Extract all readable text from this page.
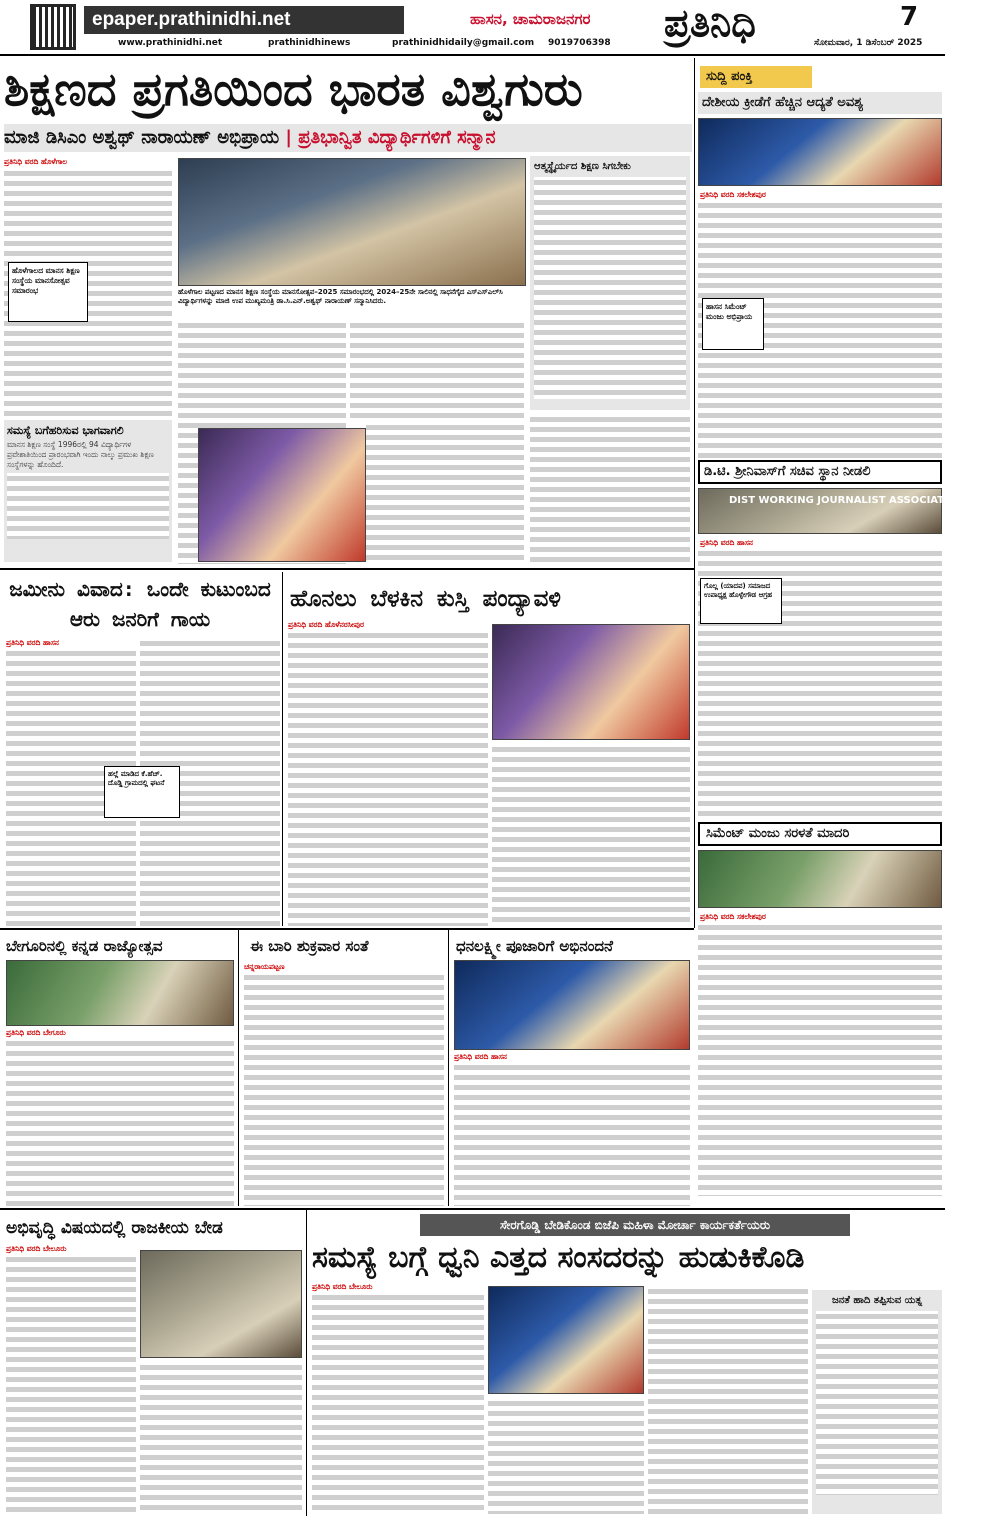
epaper.prathinidhi.net
www.prathinidhi.net	prathinidhinews	prathinidhidaily@gmail.com 9019706398
ಹಾಸನ, ಚಾಮರಾಜನಗರ ಪ್ರತಿನಿಧಿ	7
ಸೋಮವಾರ, 1 ಡಿಸೆಂಬರ್ 2025
ಶಿಕ್ಷಣದ ಪ್ರಗತಿಯಿಂದ ಭಾರತ ವಿಶ್ವಗುರು
ಮಾಜಿ ಡಿಸಿಎಂ ಅಶ್ವಥ್ ನಾರಾಯಣ್ ಅಭಿಪ್ರಾಯ | ಪ್ರತಿಭಾನ್ವಿತ ವಿದ್ಯಾರ್ಥಿಗಳಿಗೆ ಸನ್ಮಾನ
ಪ್ರತಿನಿಧಿ ವರದಿ ಹೊಳೆಗಾಲ
ಹೊಳೆಗಾಲದ ಮಾನಸ ಶಿಕ್ಷಣ ಸಂಸ್ಥೆಯ ಮಾನಸೋತ್ಸವ ಸಮಾರಂಭ
ಸಮಸ್ಯೆ ಬಗೆಹರಿಸುವ ಭಾಗವಾಗಲಿ
ಮಾನಸ ಶಿಕ್ಷಣ ಸಂಸ್ಥೆ 1996ರಲ್ಲಿ 94 ವಿದ್ಯಾರ್ಥಿಗಳ ಪ್ರವೇಶಾತಿಯಿಂದ ಪ್ರಾರಂಭವಾಗಿ ಇಂದು ನಾಲ್ಕು ಪ್ರಮುಖ ಶಿಕ್ಷಣ ಸಂಸ್ಥೆಗಳನ್ನು ಹೊಂದಿದೆ.
ಹೊಳೆಗಾಲ ಪಟ್ಟಣದ ಮಾನಸ ಶಿಕ್ಷಣ ಸಂಸ್ಥೆಯ ಮಾನಸೋತ್ಸವ–2025 ಸಮಾರಂಭದಲ್ಲಿ 2024–25ನೇ ಸಾಲಿನಲ್ಲಿ ಸಾಧನೆಗೈದ ಎಸ್‌ಎಸ್‌ಎಲ್‌ಸಿ ವಿದ್ಯಾರ್ಥಿಗಳನ್ನು ಮಾಜಿ ಉಪ ಮುಖ್ಯಮಂತ್ರಿ ಡಾ.ಸಿ.ಎನ್.ಅಶ್ವಥ್ ನಾರಾಯಣ್ ಸನ್ಮಾನಿಸಿದರು.
ಆತ್ಮಸ್ಥೈರ್ಯದ ಶಿಕ್ಷಣ ಸಿಗಬೇಕು
ಸುದ್ದಿ ಪಂಕ್ತಿ
ದೇಶೀಯ ಕ್ರೀಡೆಗೆ ಹೆಚ್ಚಿನ ಆದ್ಯತೆ ಅವಶ್ಯ
ಪ್ರತಿನಿಧಿ ವರದಿ ಸಕಲೇಶಪುರ
ಹಾಸನ ಸಿಮೆಂಟ್ ಮಂಜು ಅಭಿಪ್ರಾಯ
ಡಿ.ಟಿ. ಶ್ರೀನಿವಾಸ್‌ಗೆ ಸಚಿವ ಸ್ಥಾನ ನೀಡಲಿ
DIST WORKING JOURNALIST ASSOCIATION (R)
ಪ್ರತಿನಿಧಿ ವರದಿ ಹಾಸನ
ಗೊಲ್ಲ (ಯಾದವ) ಸಮಾಜದ ಉಪಾಧ್ಯಕ್ಷ ಹೊಳ್ಳೇಗೌಡ ಆಗ್ರಹ
ಸಿಮೆಂಟ್ ಮಂಜು ಸರಳತೆ ಮಾದರಿ
ಪ್ರತಿನಿಧಿ ವರದಿ ಸಕಲೇಶಪುರ
ಜಮೀನು ವಿವಾದ: ಒಂದೇ ಕುಟುಂಬದ ಆರು ಜನರಿಗೆ ಗಾಯ
ಪ್ರತಿನಿಧಿ ವರದಿ ಹಾಸನ
ಹಲ್ಲೆ ಮಾಡಿದ ಕೆ.ಹೆಚ್. ದೊಡ್ಡಿ ಗ್ರಾಮದಲ್ಲಿ ಘಟನೆ
ಹೊನಲು ಬೆಳಕಿನ ಕುಸ್ತಿ ಪಂದ್ಯಾವಳಿ
ಪ್ರತಿನಿಧಿ ವರದಿ ಹೊಳೆನರಸೀಪುರ
ಬೇಗೂರಿನಲ್ಲಿ ಕನ್ನಡ ರಾಜ್ಯೋತ್ಸವ
ಪ್ರತಿನಿಧಿ ವರದಿ ಬೇಗೂರು
ಈ ಬಾರಿ ಶುಕ್ರವಾರ ಸಂತೆ
ಚನ್ನರಾಯಪಟ್ಟಣ
ಧನಲಕ್ಷ್ಮೀ ಪೂಜಾರಿಗೆ ಅಭಿನಂದನೆ
ಪ್ರತಿನಿಧಿ ವರದಿ ಹಾಸನ
ಅಭಿವೃದ್ಧಿ ವಿಷಯದಲ್ಲಿ ರಾಜಕೀಯ ಬೇಡ
ಪ್ರತಿನಿಧಿ ವರದಿ ಬೇಲೂರು
ಸೇರಗೊಡ್ಡಿ ಬೇಡಿಕೊಂಡ ಬಿಜೆಪಿ ಮಹಿಳಾ ಮೋರ್ಚಾ ಕಾರ್ಯಕರ್ತೆಯರು
ಸಮಸ್ಯೆ ಬಗ್ಗೆ ಧ್ವನಿ ಎತ್ತದ ಸಂಸದರನ್ನು ಹುಡುಕಿಕೊಡಿ
ಪ್ರತಿನಿಧಿ ವರದಿ ಬೇಲೂರು
ಜನತೆ ಹಾದಿ ತಪ್ಪಿಸುವ ಯತ್ನ
